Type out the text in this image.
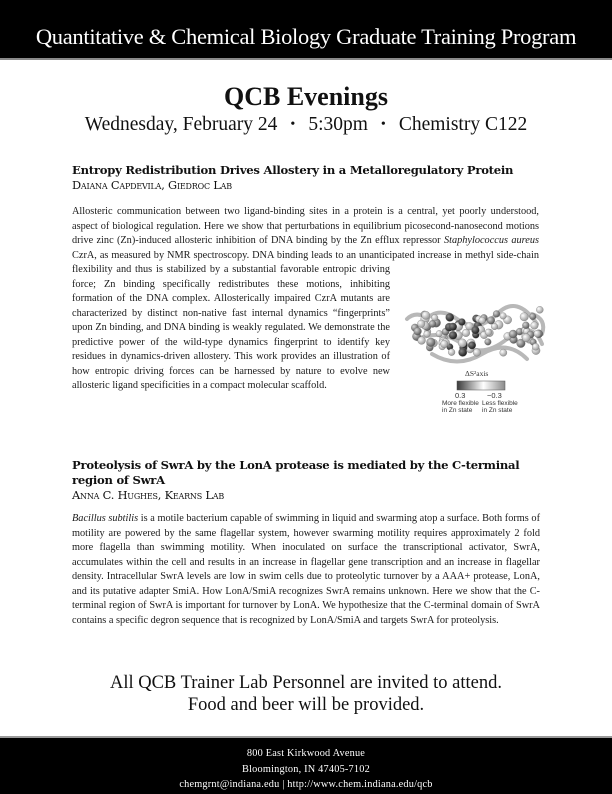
Quantitative & Chemical Biology Graduate Training Program
QCB Evenings
Wednesday, February 24 • 5:30pm • Chemistry C122
Entropy Redistribution Drives Allostery in a Metalloregulatory Protein
Daiana Capdevila, Giedroc Lab

Allosteric communication between two ligand-binding sites in a protein is a central, yet poorly understood, aspect of biological regulation. Here we show that perturbations in equilibrium picosecond-nanosecond motions drive zinc (Zn)-induced allosteric inhibition of DNA binding by the Zn efflux repressor Staphylococcus aureus CzrA, as measured by NMR spectroscopy. DNA binding leads to an unanticipated increase in methyl side-chain flexibility and thus is stabilized by a substantial favorable entropic driving force; Zn binding specifically redistributes these motions, inhibiting formation of the DNA complex. Allosterically impaired CzrA mutants are characterized by distinct non-native fast internal dynamics “fingerprints” upon Zn binding, and DNA binding is weakly regulated. We demonstrate the predictive power of the wild-type dynamics fingerprint to identify key residues in dynamics-driven allostery. This work provides an illustration of how entropic driving forces can be harnessed by nature to evolve new allosteric ligand specificities in a compact molecular scaffold.

Proteolysis of SwrA by the LonA protease is mediated by the C-terminal region of SwrA
Anna C. Hughes, Kearns Lab

Bacillus subtilis is a motile bacterium capable of swimming in liquid and swarming atop a surface. Both forms of motility are powered by the same flagellar system, however swarming motility requires approximately 2 fold more flagella than swimming motility. When inoculated on surface the transcriptional activator, SwrA, accumulates within the cell and results in an increase in flagellar gene transcription and an increase in flagellar density. Intracellular SwrA levels are low in swim cells due to proteolytic turnover by a AAA+ protease, LonA, and its putative adapter SmiA. How LonA/SmiA recognizes SwrA remains unknown. Here we show that the C-terminal region of SwrA is important for turnover by LonA. We hypothesize that the C-terminal domain of SwrA contains a specific degron sequence that is recognized by LonA/SmiA and targets SwrA for proteolysis.

ΔS²axis
0.3	−0.3
More flexible
in Zn state
Less flexible
in Zn state
All QCB Trainer Lab Personnel are invited to attend.
Food and beer will be provided.
800 East Kirkwood Avenue
Bloomington, IN 47405-7102
chemgrnt@indiana.edu | http://www.chem.indiana.edu/qcb
